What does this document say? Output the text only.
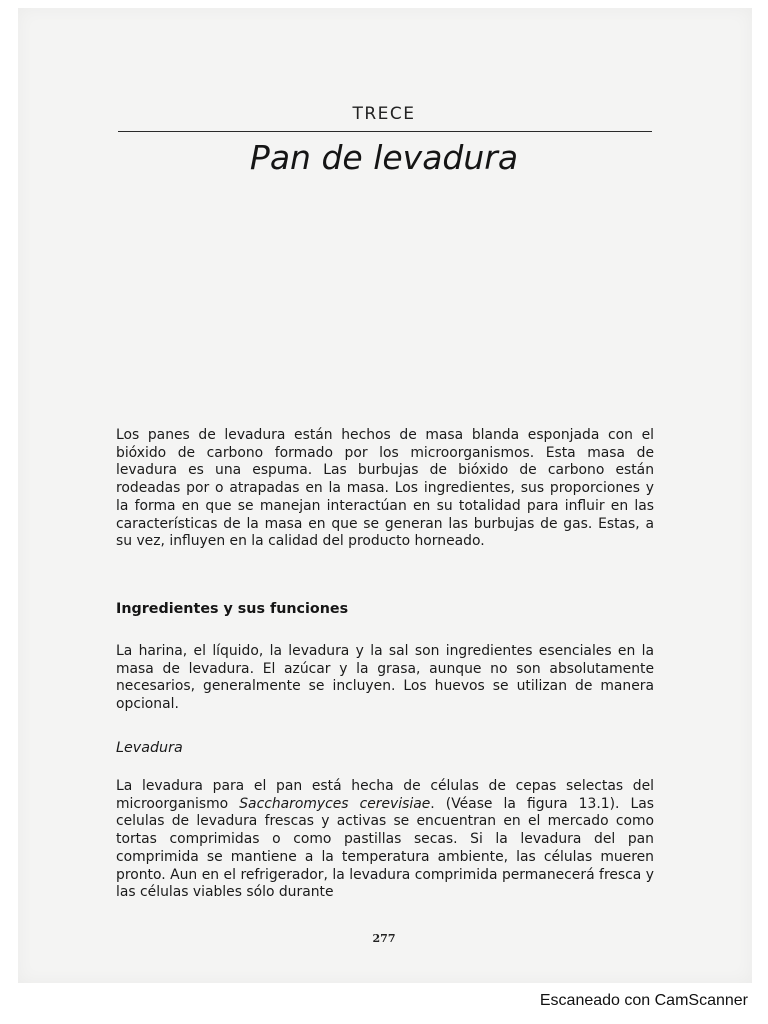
TRECE
Pan de levadura

Los panes de levadura están hechos de masa blanda esponjada con el bióxido de carbono formado por los microorganismos. Esta masa de levadura es una espuma. Las burbujas de bióxido de carbono están rodeadas por o atrapadas en la masa. Los ingredientes, sus proporciones y la forma en que se manejan interactúan en su totalidad para influir en las características de la masa en que se generan las burbujas de gas. Estas, a su vez, influyen en la calidad del producto horneado.

Ingredientes y sus funciones

La harina, el líquido, la levadura y la sal son ingredientes esenciales en la masa de levadura. El azúcar y la grasa, aunque no son absolutamente necesarios, generalmente se incluyen. Los huevos se utilizan de manera opcional.

Levadura

La levadura para el pan está hecha de células de cepas selectas del microorganismo Saccharomyces cerevisiae. (Véase la figura 13.1). Las celulas de levadura frescas y activas se encuentran en el mercado como tortas comprimidas o como pastillas secas. Si la levadura del pan comprimida se mantiene a la temperatura ambiente, las células mueren pronto. Aun en el refrigerador, la levadura comprimida permanecerá fresca y las células viables sólo durante

277
Escaneado con CamScanner
